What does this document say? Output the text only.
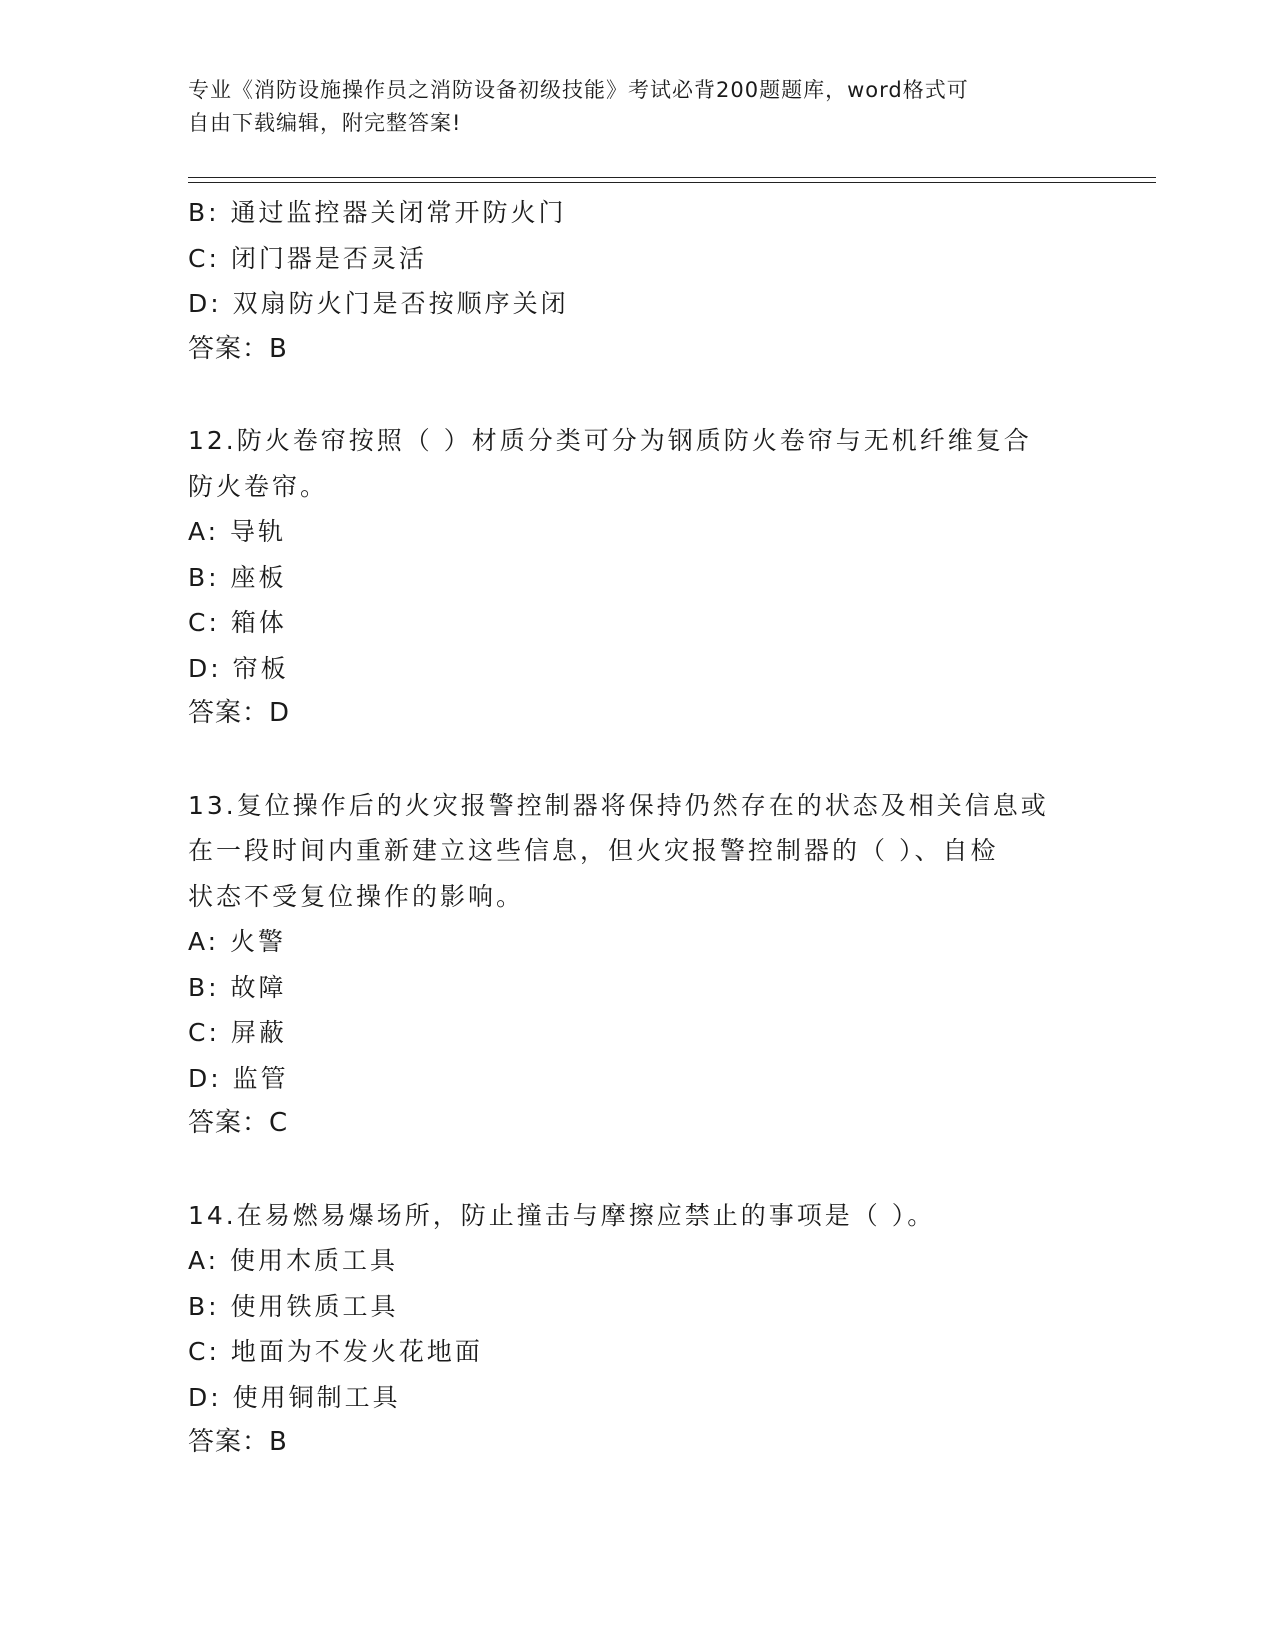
专业《消防设施操作员之消防设备初级技能》考试必背200题题库，word格式可
自由下载编辑，附完整答案!
B: 通过监控器关闭常开防火门
C: 闭门器是否灵活
D: 双扇防火门是否按顺序关闭
答案：B
12.防火卷帘按照（ ）材质分类可分为钢质防火卷帘与无机纤维复合
防火卷帘。
A: 导轨
B: 座板
C: 箱体
D: 帘板
答案：D
13.复位操作后的火灾报警控制器将保持仍然存在的状态及相关信息或
在一段时间内重新建立这些信息，但火灾报警控制器的（ ）、自检
状态不受复位操作的影响。
A: 火警
B: 故障
C: 屏蔽
D: 监管
答案：C
14.在易燃易爆场所，防止撞击与摩擦应禁止的事项是（ ）。
A: 使用木质工具
B: 使用铁质工具
C: 地面为不发火花地面
D: 使用铜制工具
答案：B
